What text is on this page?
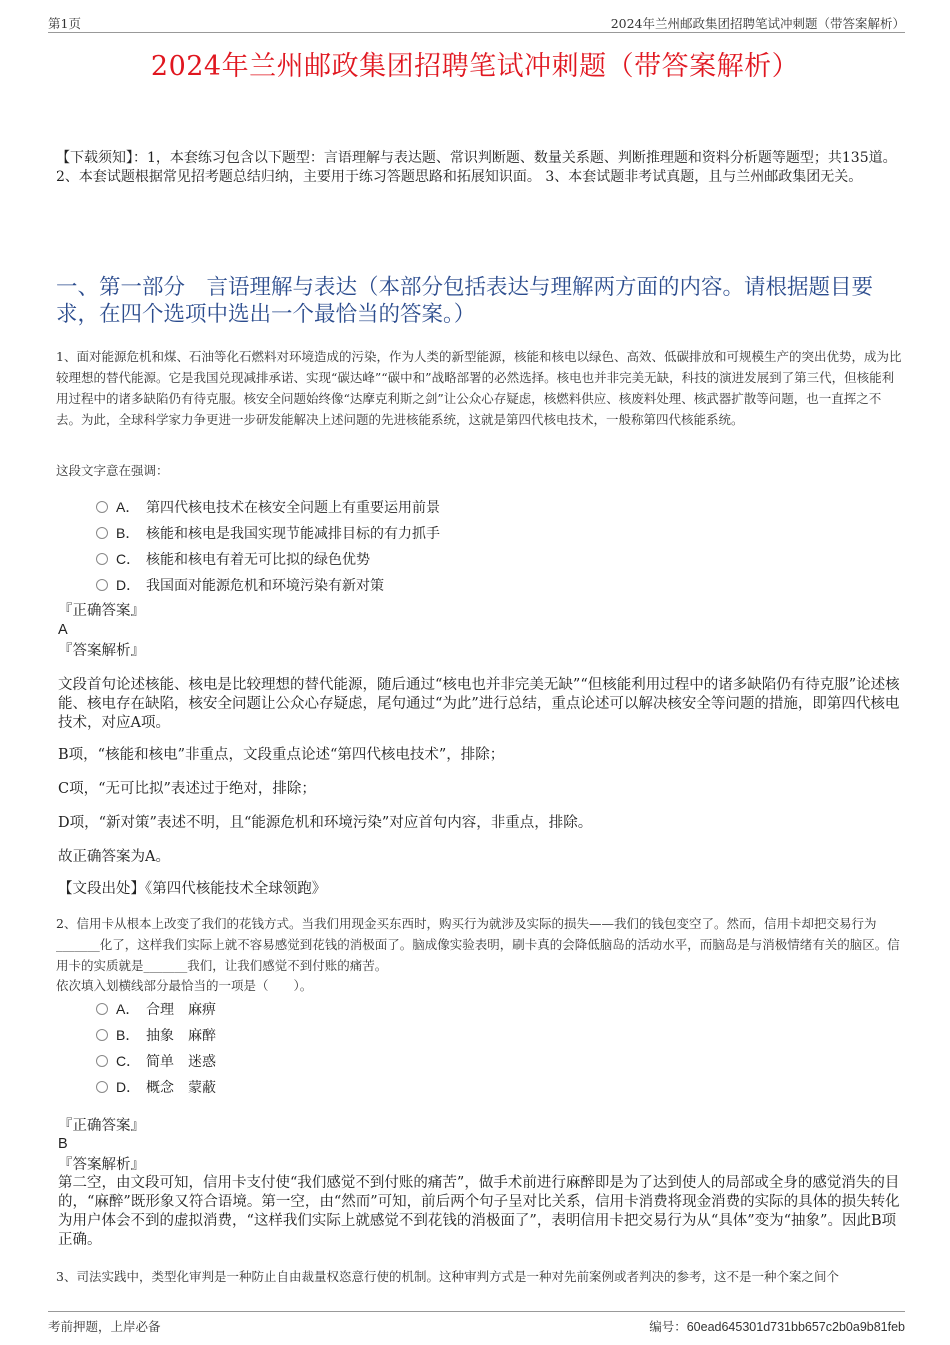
第1页	2024年兰州邮政集团招聘笔试冲刺题（带答案解析）
2024年兰州邮政集团招聘笔试冲刺题（带答案解析）
【下载须知】：1，本套练习包含以下题型：言语理解与表达题、常识判断题、数量关系题、判断推理题和资料分析题等题型；共135道。 2、本套试题根据常见招考题总结归纳，主要用于练习答题思路和拓展知识面。 3、本套试题非考试真题，且与兰州邮政集团无关。
一、第一部分　言语理解与表达（本部分包括表达与理解两方面的内容。请根据题目要求，在四个选项中选出一个最恰当的答案。）
1、面对能源危机和煤、石油等化石燃料对环境造成的污染，作为人类的新型能源，核能和核电以绿色、高效、低碳排放和可规模生产的突出优势，成为比较理想的替代能源。它是我国兑现减排承诺、实现“碳达峰”“碳中和”战略部署的必然选择。核电也并非完美无缺，科技的演进发展到了第三代，但核能利用过程中的诸多缺陷仍有待克服。核安全问题始终像“达摩克利斯之剑”让公众心存疑虑，核燃料供应、核废料处理、核武器扩散等问题，也一直挥之不去。为此，全球科学家力争更进一步研发能解决上述问题的先进核能系统，这就是第四代核电技术，一般称第四代核能系统。
这段文字意在强调：
A． 第四代核电技术在核安全问题上有重要运用前景
B． 核能和核电是我国实现节能减排目标的有力抓手
C． 核能和核电有着无可比拟的绿色优势
D． 我国面对能源危机和环境污染有新对策
『正确答案』
A
『答案解析』
文段首句论述核能、核电是比较理想的替代能源，随后通过“核电也并非完美无缺”“但核能利用过程中的诸多缺陷仍有待克服”论述核能、核电存在缺陷，核安全问题让公众心存疑虑，尾句通过“为此”进行总结，重点论述可以解决核安全等问题的措施，即第四代核电技术，对应A项。
B项，“核能和核电”非重点，文段重点论述“第四代核电技术”，排除；
C项，“无可比拟”表述过于绝对，排除；
D项，“新对策”表述不明，且“能源危机和环境污染”对应首句内容，非重点，排除。
故正确答案为A。
【文段出处】《第四代核能技术全球领跑》
2、信用卡从根本上改变了我们的花钱方式。当我们用现金买东西时，购买行为就涉及实际的损失——我们的钱包变空了。然而，信用卡却把交易行为_______化了，这样我们实际上就不容易感觉到花钱的消极面了。脑成像实验表明，刷卡真的会降低脑岛的活动水平，而脑岛是与消极情绪有关的脑区。信用卡的实质就是_______我们，让我们感觉不到付账的痛苦。
依次填入划横线部分最恰当的一项是（　　）。
A． 合理　麻痹
B． 抽象　麻醉
C． 简单　迷惑
D． 概念　蒙蔽
『正确答案』
B
『答案解析』
第二空，由文段可知，信用卡支付使“我们感觉不到付账的痛苦”，做手术前进行麻醉即是为了达到使人的局部或全身的感觉消失的目的，“麻醉”既形象又符合语境。第一空，由“然而”可知，前后两个句子呈对比关系，信用卡消费将现金消费的实际的具体的损失转化为用户体会不到的虚拟消费，“这样我们实际上就感觉不到花钱的消极面了”，表明信用卡把交易行为从“具体”变为“抽象”。因此B项正确。
3、司法实践中，类型化审判是一种防止自由裁量权恣意行使的机制。这种审判方式是一种对先前案例或者判决的参考，这不是一种个案之间个
考前押题，上岸必备	编号：60ead645301d731bb657c2b0a9b81feb
